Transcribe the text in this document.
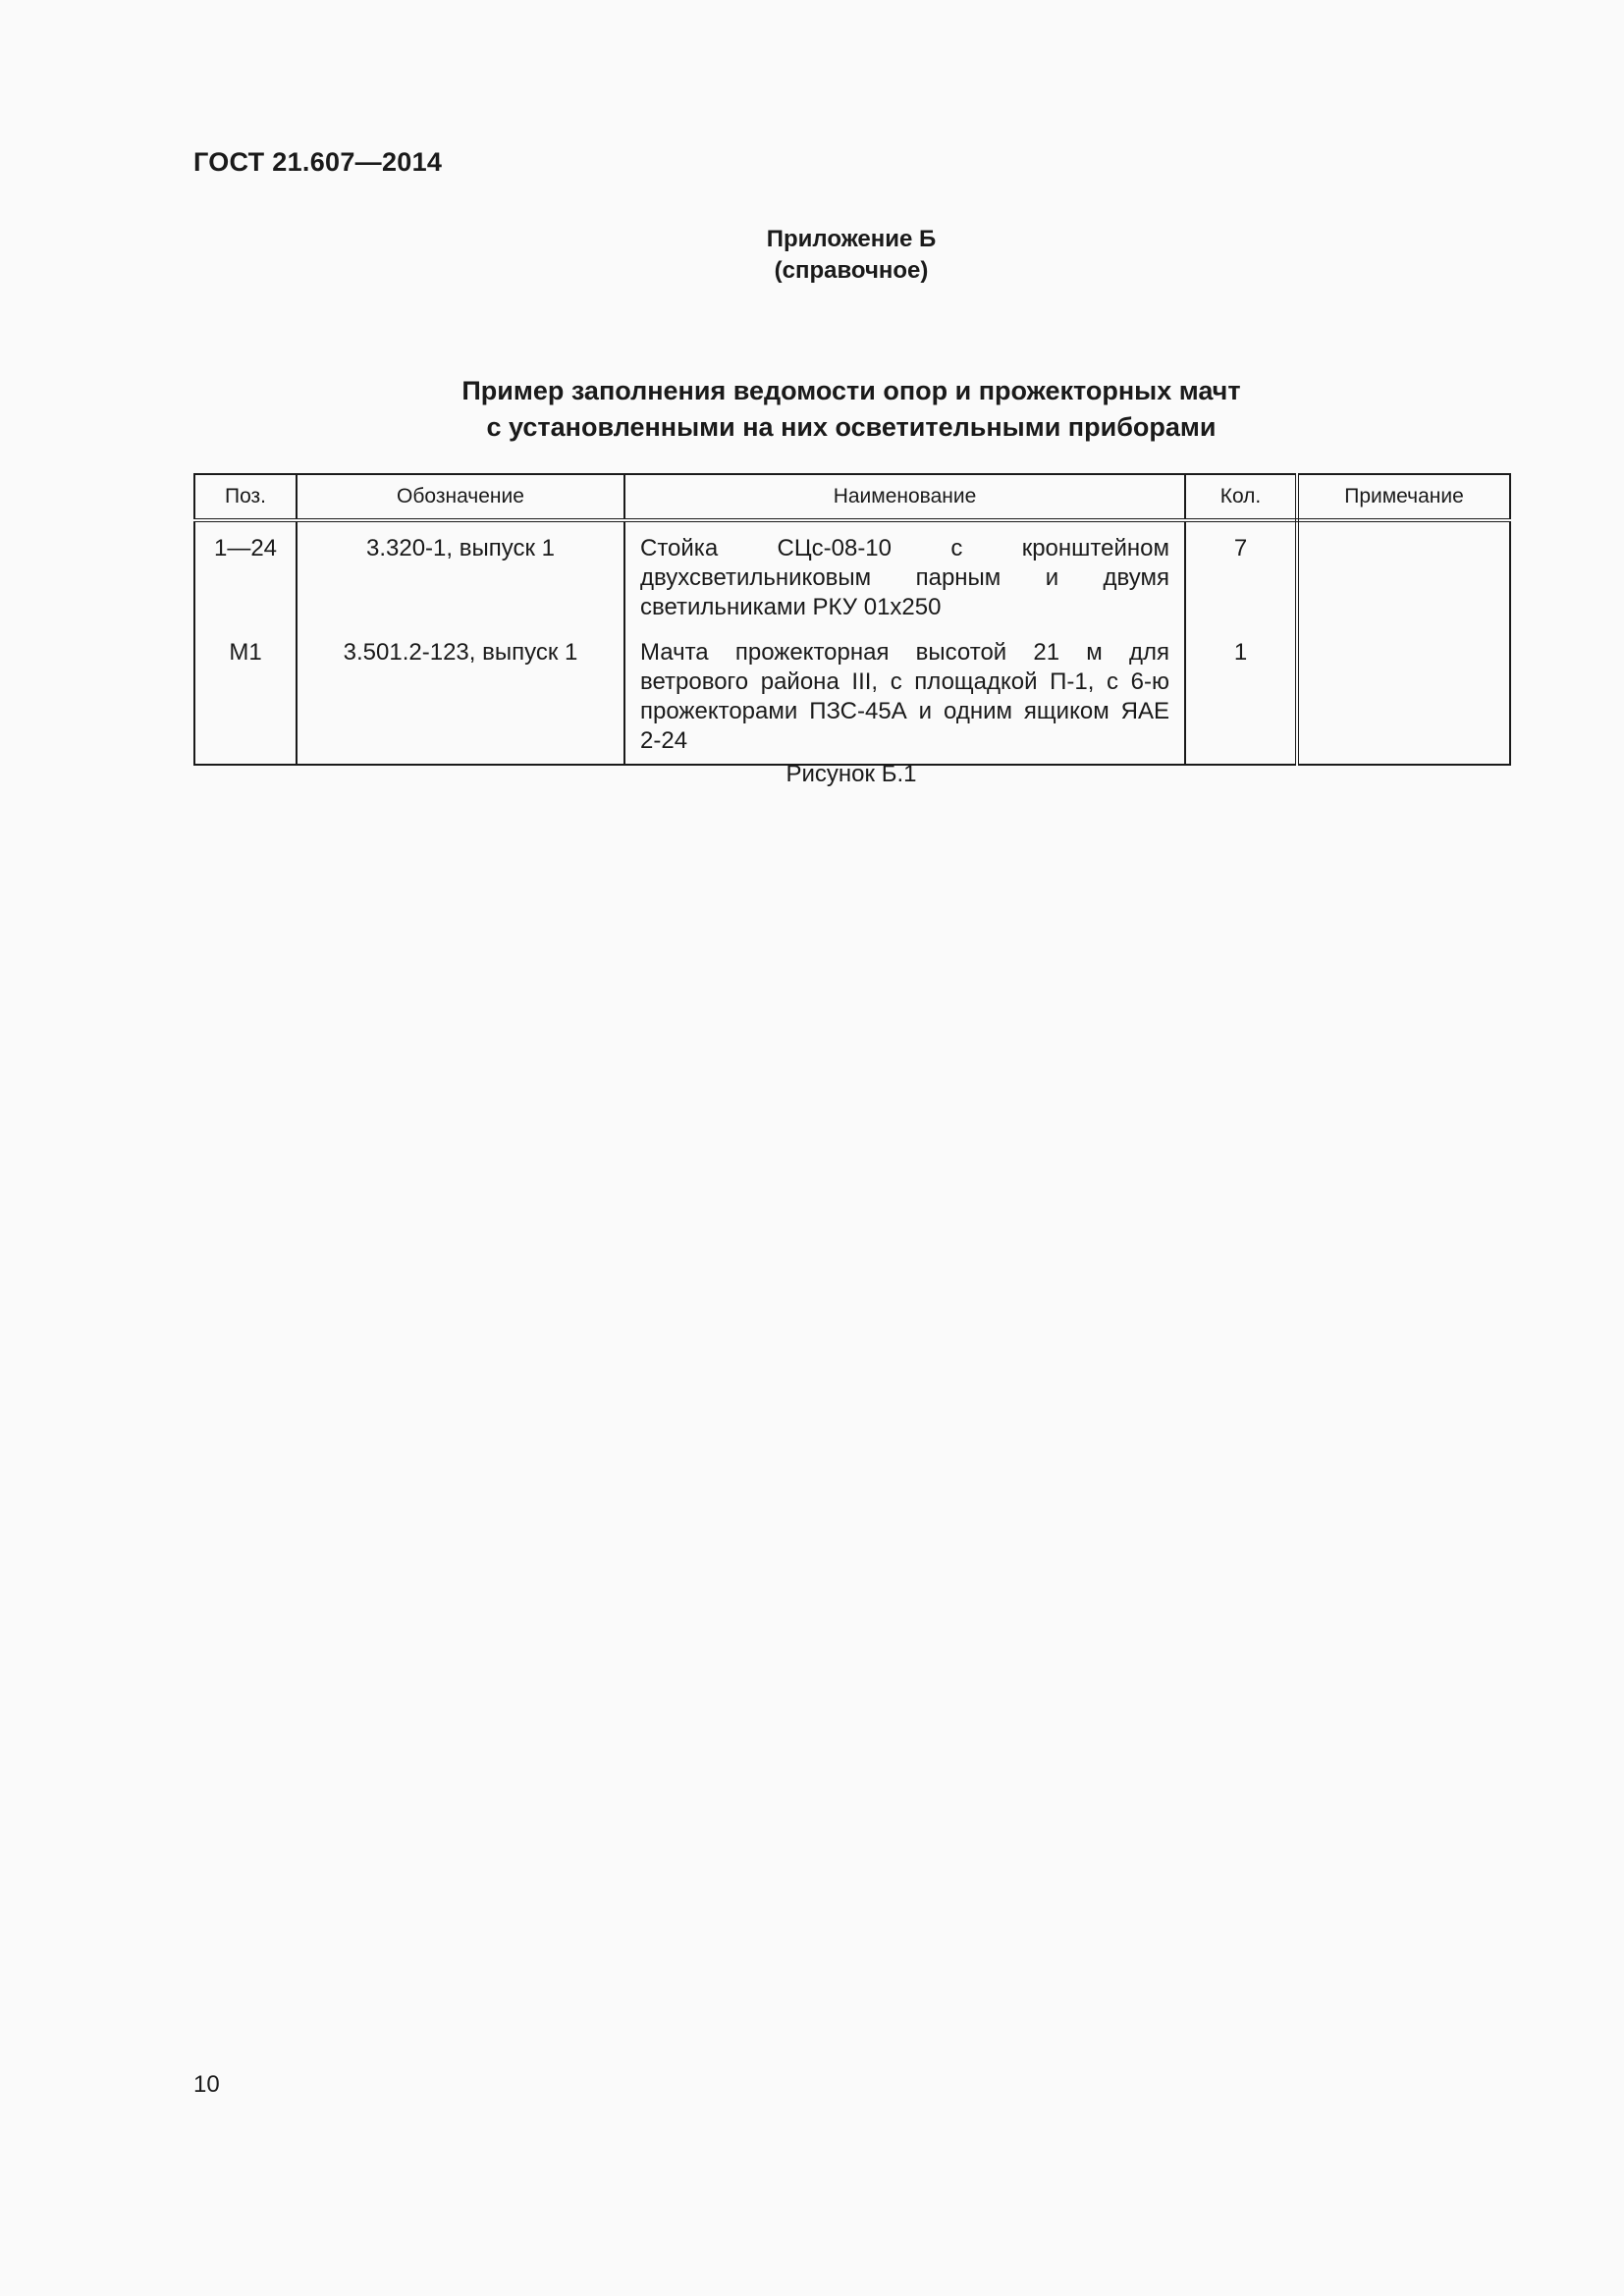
ГОСТ 21.607—2014
Приложение Б
(справочное)
Пример заполнения ведомости опор и прожекторных мачт
с установленными на них осветительными приборами
Поз.	Обозначение	Наименование	Кол.	Примечание
1—24	3.320-1, выпуск 1	Стойка СЦс-08-10 с кронштейном двухсветильниковым парным и двумя светильниками РКУ 01х250	7	
М1	3.501.2-123, выпуск 1	Мачта прожекторная высотой 21 м для ветрового района III, с площадкой П-1, с 6-ю прожекторами ПЗС-45А и одним ящиком ЯАЕ 2-24	1	
Рисунок Б.1
10
